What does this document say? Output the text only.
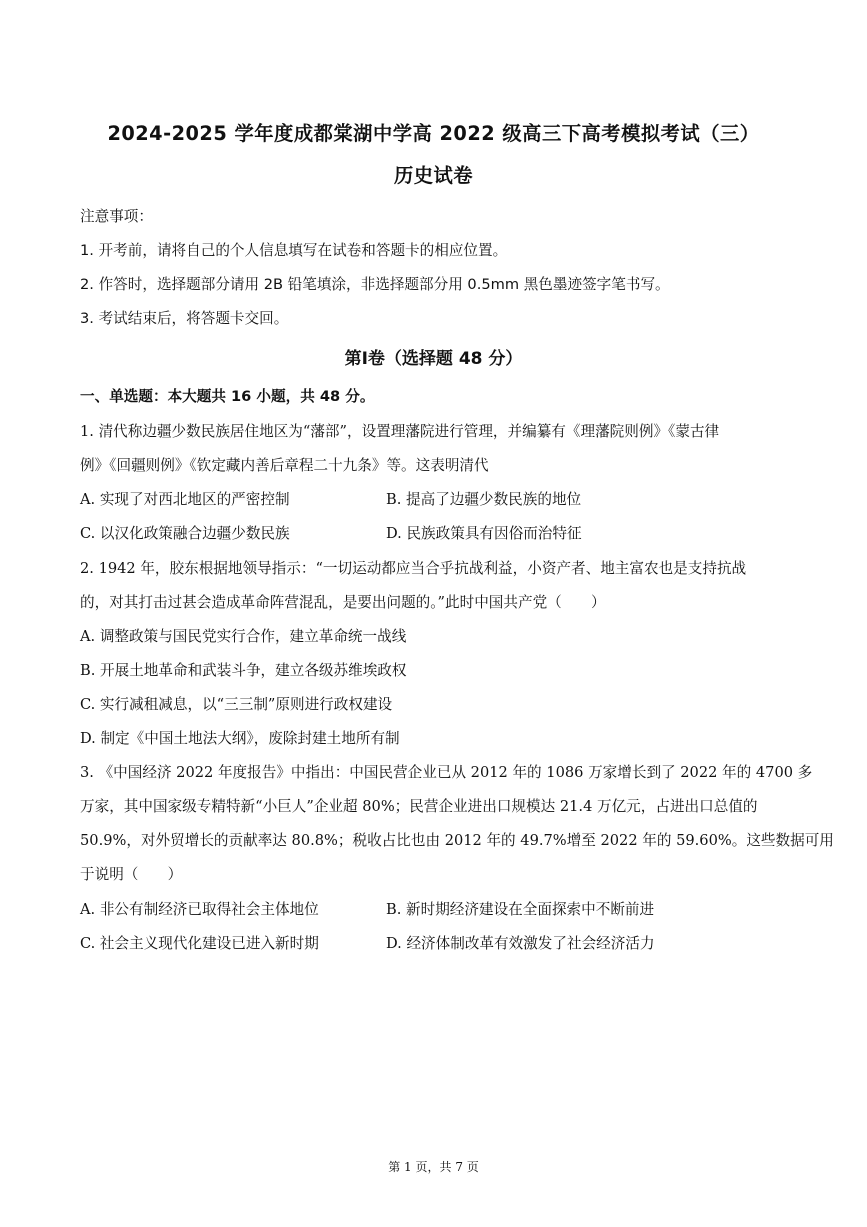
2024-2025 学年度成都棠湖中学高 2022 级高三下高考模拟考试（三）
历史试卷
注意事项：
1. 开考前，请将自己的个人信息填写在试卷和答题卡的相应位置。
2. 作答时，选择题部分请用 2B 铅笔填涂，非选择题部分用 0.5mm 黑色墨迹签字笔书写。
3. 考试结束后，将答题卡交回。
第Ⅰ卷（选择题 48 分）
一、单选题：本大题共 16 小题，共 48 分。
1. 清代称边疆少数民族居住地区为“藩部”，设置理藩院进行管理，并编纂有《理藩院则例》《蒙古律
例》《回疆则例》《钦定藏内善后章程二十九条》等。这表明清代
A. 实现了对西北地区的严密控制	B. 提高了边疆少数民族的地位
C. 以汉化政策融合边疆少数民族	D. 民族政策具有因俗而治特征
2. 1942 年，胶东根据地领导指示：“一切运动都应当合乎抗战利益，小资产者、地主富农也是支持抗战
的，对其打击过甚会造成革命阵营混乱，是要出问题的。”此时中国共产党（　　）
A. 调整政策与国民党实行合作，建立革命统一战线
B. 开展土地革命和武装斗争，建立各级苏维埃政权
C. 实行减租减息，以“三三制”原则进行政权建设
D. 制定《中国土地法大纲》，废除封建土地所有制
3. 《中国经济 2022 年度报告》中指出：中国民营企业已从 2012 年的 1086 万家增长到了 2022 年的 4700 多
万家，其中国家级专精特新“小巨人”企业超 80%；民营企业进出口规模达 21.4 万亿元，占进出口总值的
50.9%，对外贸增长的贡献率达 80.8%；税收占比也由 2012 年的 49.7%增至 2022 年的 59.60%。这些数据可用
于说明（　　）
A. 非公有制经济已取得社会主体地位	B. 新时期经济建设在全面探索中不断前进
C. 社会主义现代化建设已进入新时期	D. 经济体制改革有效激发了社会经济活力
第 1 页，共 7 页
